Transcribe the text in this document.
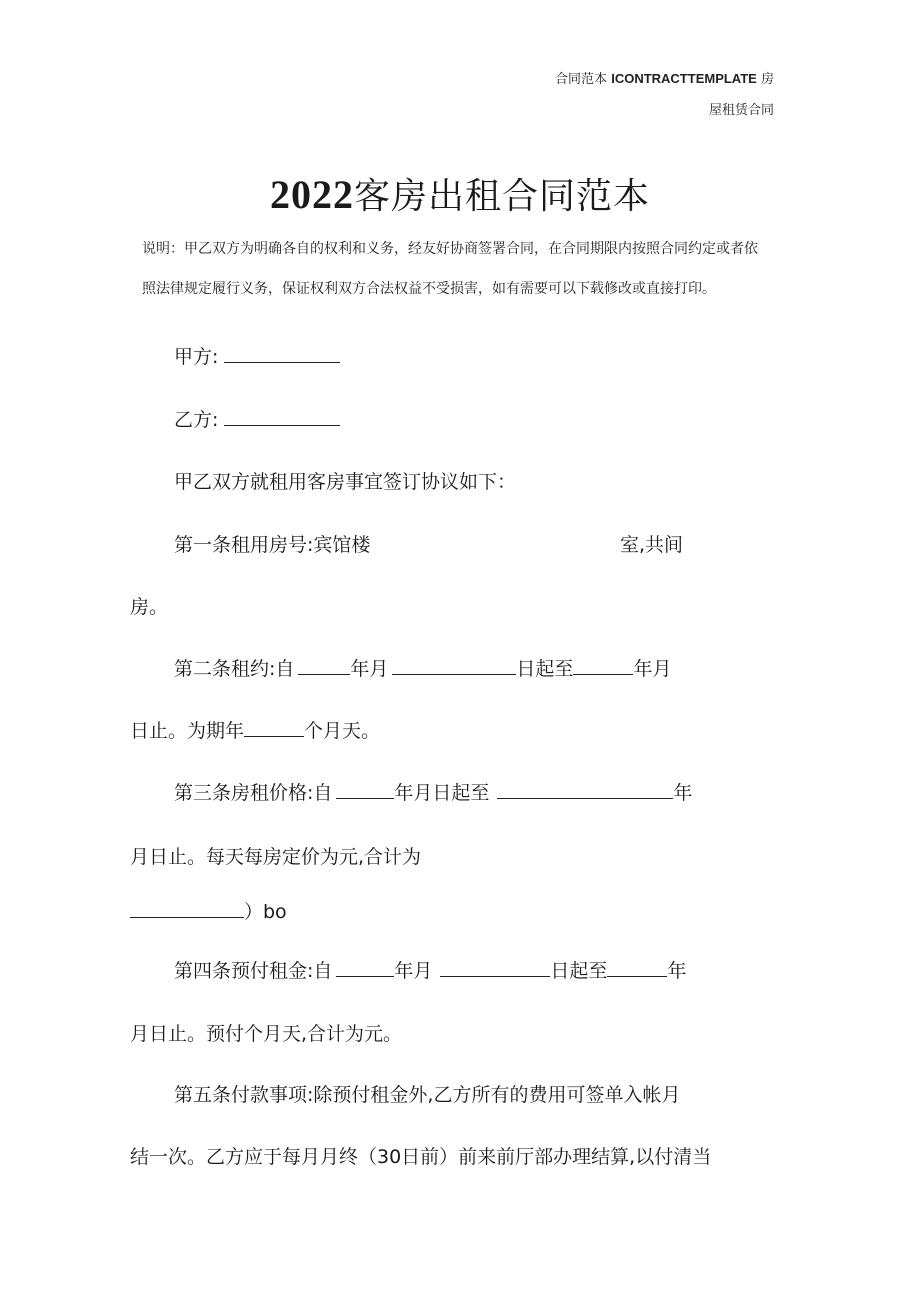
合同范本 ICONTRACTTEMPLATE 房
屋租赁合同
2022客房出租合同范本
说明：甲乙双方为明确各自的权利和义务，经友好协商签署合同，在合同期限内按照合同约定或者依
照法律规定履行义务，保证权利双方合法权益不受损害，如有需要可以下载修改或直接打印。
甲方:
乙方:
甲乙双方就租用客房事宜签订协议如下：
第一条租用房号:宾馆楼	室,共间
房。
第二条租约:自	年月	日起至	年月
日止。为期年	个月天。
第三条房租价格:自	年月日起至	年
月日止。每天每房定价为元,合计为
）bo
第四条预付租金:自	年月	日起至	年
月日止。预付个月天,合计为元。
第五条付款事项:除预付租金外,乙方所有的费用可签单入帐月
结一次。乙方应于每月月终（30日前）前来前厅部办理结算,以付清当
